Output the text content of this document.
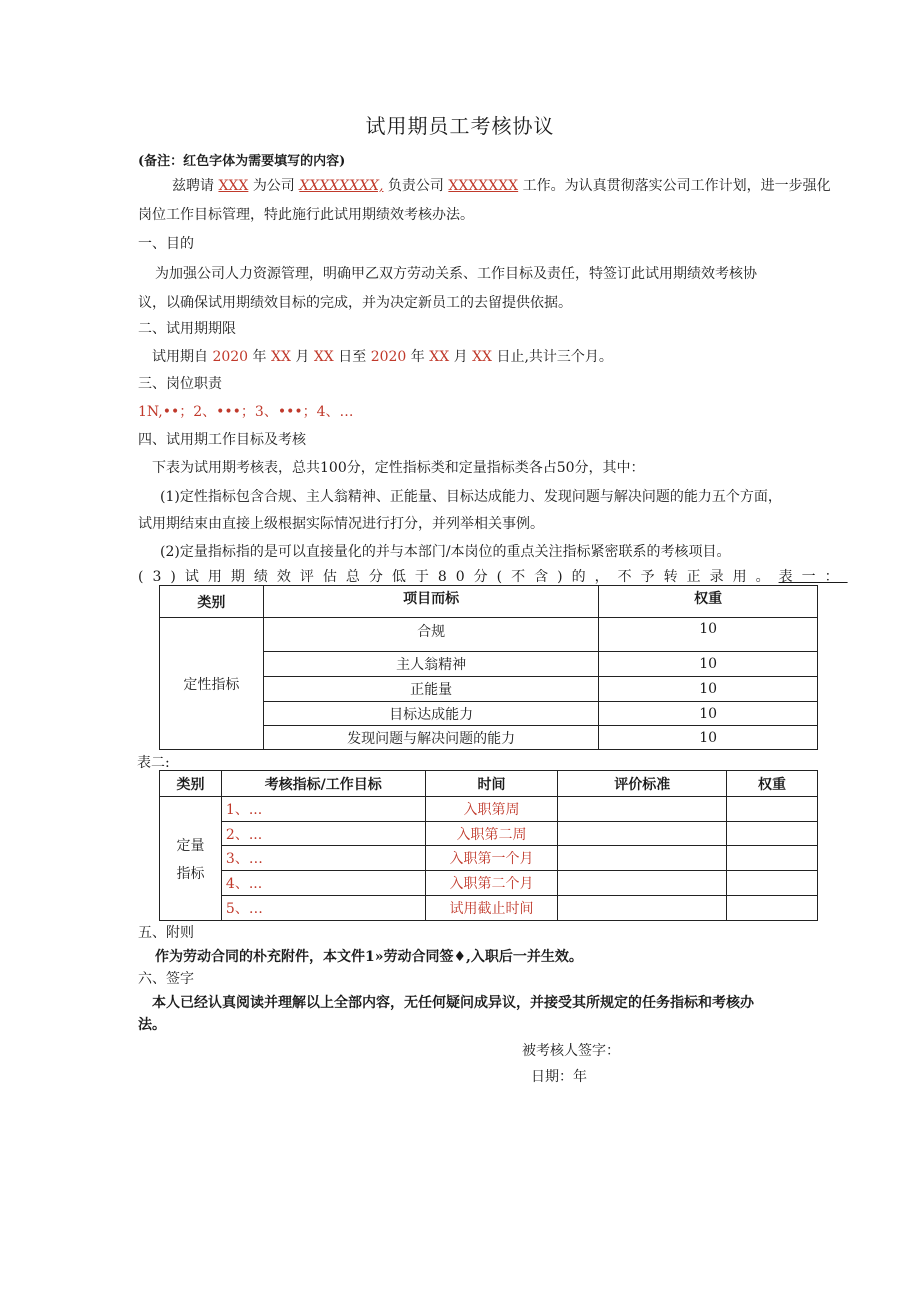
试用期员工考核协议
(备注：红色字体为需要填写的内容)
兹聘请 XXX 为公司 XXXXXXXX, 负责公司 XXXXXXX 工作。为认真贯彻落实公司工作计划，进一步强化
岗位工作目标管理，特此施行此试用期绩效考核办法。
一、目的
为加强公司人力资源管理，明确甲乙双方劳动关系、工作目标及责任，特签订此试用期绩效考核协
议，以确保试用期绩效目标的完成，并为决定新员工的去留提供依据。
二、试用期期限
试用期自 2020 年 XX 月 XX 日至 2020 年 XX 月 XX 日止,共计三个月。
三、岗位职责
1N,••；2、•••；3、•••；4、…
四、试用期工作目标及考核
下表为试用期考核表，总共100分，定性指标类和定量指标类各占50分，其中：
(1)定性指标包含合规、主人翁精神、正能量、目标达成能力、发现问题与解决问题的能力五个方面，
试用期结束由直接上级根据实际情况进行打分，并列举相关事例。
(2)定量指标指的是可以直接量化的并与本部门/本岗位的重点关注指标紧密联系的考核项目。
(3)试用期绩效评估总分低于80分(不含)的，不予转正录用。表一：
类别	项目而标	权重
定性指标	合规	10
	主人翁精神	10
	正能量	10
	目标达成能力	10
	发现问题与解决问题的能力	10
表二:
类别	考核指标/工作目标	时间	评价标准	权重

定量
指标	1、...	入职第周		
	2、...	入职第二周		
	3、…	入职第一个月		
	4、...	入职第二个月		
	5、…	试用截止时间		
五、附则
作为劳动合同的朴充附件，本文件1»劳动合同签♦,入职后一并生效。
六、签字
本人已经认真阅读并理解以上全部内容，无任何疑问成异议，并接受其所规定的任务指标和考核办
法。
被考核人签字：
日期：年
